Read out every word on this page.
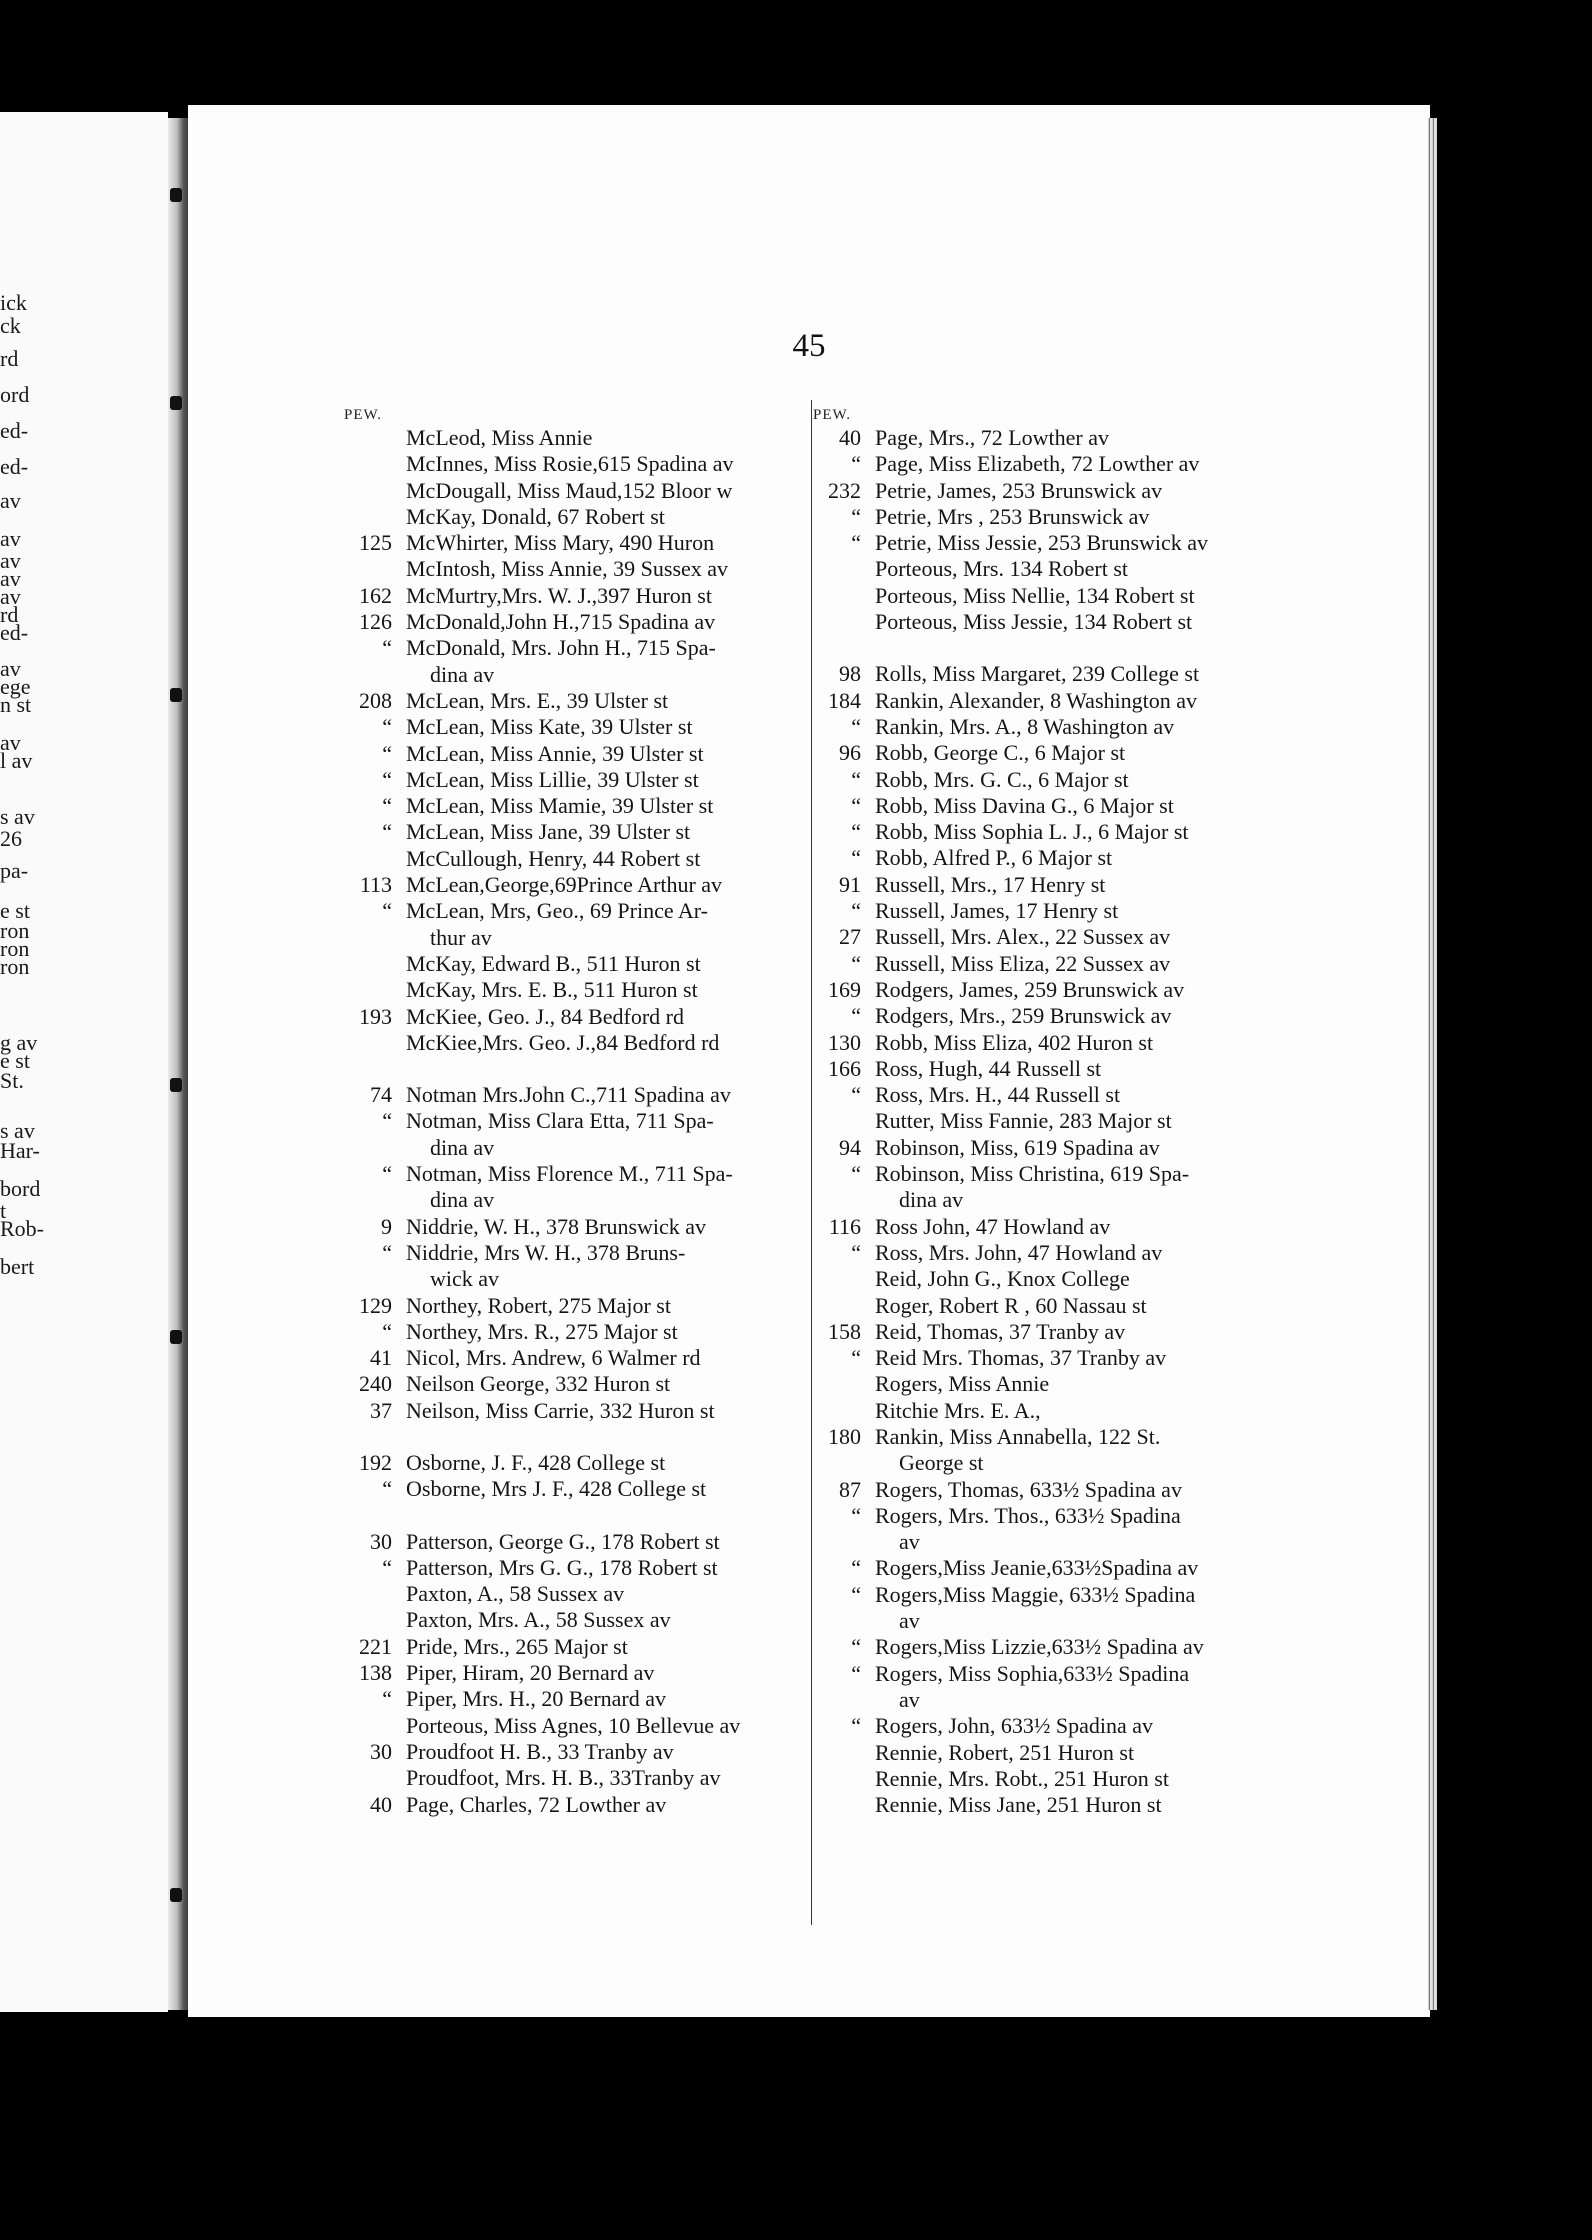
ick
ck
rd
ord
ed-
ed-
av
av
av
av
av
rd
ed-
av
ege
n st
av
l av
s av
26
pa-
e st
ron
ron
ron
g av
e st
St.
s av
Har-
bord
t
Rob-
bert
45
PEW.
McLeod, Miss Annie
McInnes, Miss Rosie,615 Spadina av
McDougall, Miss Maud,152 Bloor w
McKay, Donald, 67 Robert st
125 McWhirter, Miss Mary, 490 Huron
McIntosh, Miss Annie, 39 Sussex av
162 McMurtry,Mrs. W. J.,397 Huron st
126 McDonald,John H.,715 Spadina av
“ McDonald, Mrs. John H., 715 Spa-
dina av
208 McLean, Mrs. E., 39 Ulster st
“ McLean, Miss Kate, 39 Ulster st
“ McLean, Miss Annie, 39 Ulster st
“ McLean, Miss Lillie, 39 Ulster st
“ McLean, Miss Mamie, 39 Ulster st
“ McLean, Miss Jane, 39 Ulster st
McCullough, Henry, 44 Robert st
113 McLean,George,69Prince Arthur av
“ McLean, Mrs, Geo., 69 Prince Ar-
thur av
McKay, Edward B., 511 Huron st
McKay, Mrs. E. B., 511 Huron st
193 McKiee, Geo. J., 84 Bedford rd
McKiee,Mrs. Geo. J.,84 Bedford rd
74 Notman Mrs.John C.,711 Spadina av
“ Notman, Miss Clara Etta, 711 Spa-
dina av
“ Notman, Miss Florence M., 711 Spa-
dina av
9 Niddrie, W. H., 378 Brunswick av
“ Niddrie, Mrs W. H., 378 Bruns-
wick av
129 Northey, Robert, 275 Major st
“ Northey, Mrs. R., 275 Major st
41 Nicol, Mrs. Andrew, 6 Walmer rd
240 Neilson George, 332 Huron st
37 Neilson, Miss Carrie, 332 Huron st
192 Osborne, J. F., 428 College st
“ Osborne, Mrs J. F., 428 College st
30 Patterson, George G., 178 Robert st
“ Patterson, Mrs G. G., 178 Robert st
Paxton, A., 58 Sussex av
Paxton, Mrs. A., 58 Sussex av
221 Pride, Mrs., 265 Major st
138 Piper, Hiram, 20 Bernard av
“ Piper, Mrs. H., 20 Bernard av
Porteous, Miss Agnes, 10 Bellevue av
30 Proudfoot H. B., 33 Tranby av
Proudfoot, Mrs. H. B., 33Tranby av
40 Page, Charles, 72 Lowther av
PEW.
40 Page, Mrs., 72 Lowther av
“ Page, Miss Elizabeth, 72 Lowther av
232 Petrie, James, 253 Brunswick av
“ Petrie, Mrs , 253 Brunswick av
“ Petrie, Miss Jessie, 253 Brunswick av
Porteous, Mrs. 134 Robert st
Porteous, Miss Nellie, 134 Robert st
Porteous, Miss Jessie, 134 Robert st
98 Rolls, Miss Margaret, 239 College st
184 Rankin, Alexander, 8 Washington av
“ Rankin, Mrs. A., 8 Washington av
96 Robb, George C., 6 Major st
“ Robb, Mrs. G. C., 6 Major st
“ Robb, Miss Davina G., 6 Major st
“ Robb, Miss Sophia L. J., 6 Major st
“ Robb, Alfred P., 6 Major st
91 Russell, Mrs., 17 Henry st
“ Russell, James, 17 Henry st
27 Russell, Mrs. Alex., 22 Sussex av
“ Russell, Miss Eliza, 22 Sussex av
169 Rodgers, James, 259 Brunswick av
“ Rodgers, Mrs., 259 Brunswick av
130 Robb, Miss Eliza, 402 Huron st
166 Ross, Hugh, 44 Russell st
“ Ross, Mrs. H., 44 Russell st
Rutter, Miss Fannie, 283 Major st
94 Robinson, Miss, 619 Spadina av
“ Robinson, Miss Christina, 619 Spa-
dina av
116 Ross John, 47 Howland av
“ Ross, Mrs. John, 47 Howland av
Reid, John G., Knox College
Roger, Robert R , 60 Nassau st
158 Reid, Thomas, 37 Tranby av
“ Reid Mrs. Thomas, 37 Tranby av
Rogers, Miss Annie
Ritchie Mrs. E. A.,
180 Rankin, Miss Annabella, 122 St.
George st
87 Rogers, Thomas, 633½ Spadina av
“ Rogers, Mrs. Thos., 633½ Spadina
av
“ Rogers,Miss Jeanie,633½Spadina av
“ Rogers,Miss Maggie, 633½ Spadina
av
“ Rogers,Miss Lizzie,633½ Spadina av
“ Rogers, Miss Sophia,633½ Spadina
av
“ Rogers, John, 633½ Spadina av
Rennie, Robert, 251 Huron st
Rennie, Mrs. Robt., 251 Huron st
Rennie, Miss Jane, 251 Huron st
